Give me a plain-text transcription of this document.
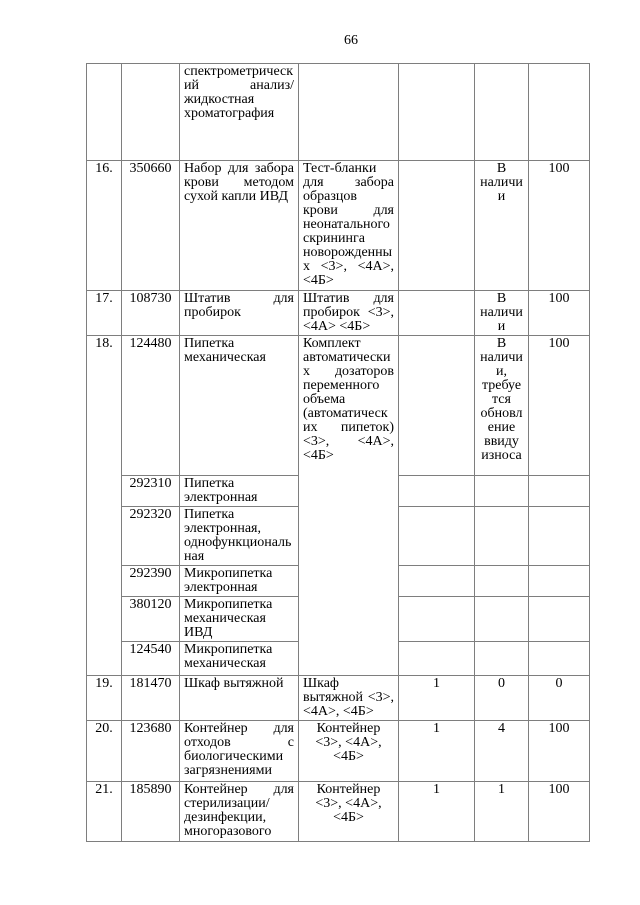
66
		спектрометрический анализ/жидкостная хроматография				
16.	350660	Набор для забора крови методом сухой капли ИВД	Тест-бланки для забора образцов крови для неонатального скрининга новорожденных <3>, <4А>, <4Б>		В наличии	100
17.	108730	Штатив для пробирок	Штатив для пробирок <3>, <4А> <4Б>		В наличии	100
18.	124480	Пипетка механическая	Комплект автоматических дозаторов переменного объема (автоматических пипеток) <3>, <4А>, <4Б>		В наличии, требуется обновление ввиду износа	100
	292310	Пипетка электронная				
	292320	Пипетка электронная, однофункциональная				
	292390	Микропипетка электронная				
	380120	Микропипетка механическая ИВД				
	124540	Микропипетка механическая				
19.	181470	Шкаф вытяжной	Шкаф вытяжной <3>, <4А>, <4Б>	1	0	0
20.	123680	Контейнер для отходов с биологическими загрязнениями	Контейнер <3>, <4А>, <4Б>	1	4	100
21.	185890	Контейнер для стерилизации/дезинфекции, многоразового	Контейнер <3>, <4А>, <4Б>	1	1	100
